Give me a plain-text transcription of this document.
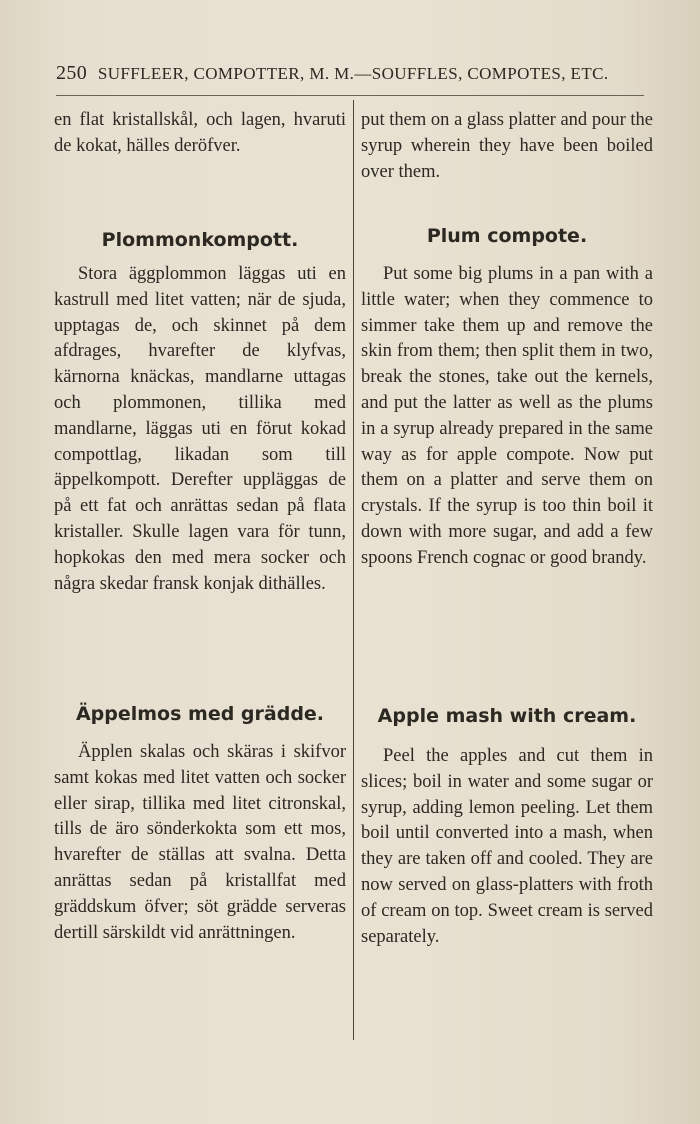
250 SUFFLEER, COMPOTTER, M. M.—SOUFFLES, COMPOTES, ETC.

en flat kristallskål, och lagen, hvaruti de kokat, hälles deröfver.

Plommonkompott.

Stora äggplommon läggas uti en kastrull med litet vatten; när de sjuda, upptagas de, och skinnet på dem afdrages, hvarefter de klyfvas, kärnorna knäckas, mandlarne uttagas och plommonen, tillika med mandlarne, läggas uti en förut kokad compottlag, likadan som till äppelkompott. Derefter uppläggas de på ett fat och anrättas sedan på flata kristaller. Skulle lagen vara för tunn, hopkokas den med mera socker och några skedar fransk konjak dithälles.

Äppelmos med grädde.

Äpplen skalas och skäras i skifvor samt kokas med litet vatten och socker eller sirap, tillika med litet citronskal, tills de äro sönderkokta som ett mos, hvarefter de ställas att svalna. Detta anrättas sedan på kristallfat med gräddskum öfver; söt grädde serveras dertill särskildt vid anrättningen.

put them on a glass platter and pour the syrup wherein they have been boiled over them.

Plum compote.

Put some big plums in a pan with a little water; when they commence to simmer take them up and remove the skin from them; then split them in two, break the stones, take out the kernels, and put the latter as well as the plums in a syrup already prepared in the same way as for apple compote. Now put them on a platter and serve them on crystals. If the syrup is too thin boil it down with more sugar, and add a few spoons French cognac or good brandy.

Apple mash with cream.

Peel the apples and cut them in slices; boil in water and some sugar or syrup, adding lemon peeling. Let them boil until converted into a mash, when they are taken off and cooled. They are now served on glass-platters with froth of cream on top. Sweet cream is served separately.
